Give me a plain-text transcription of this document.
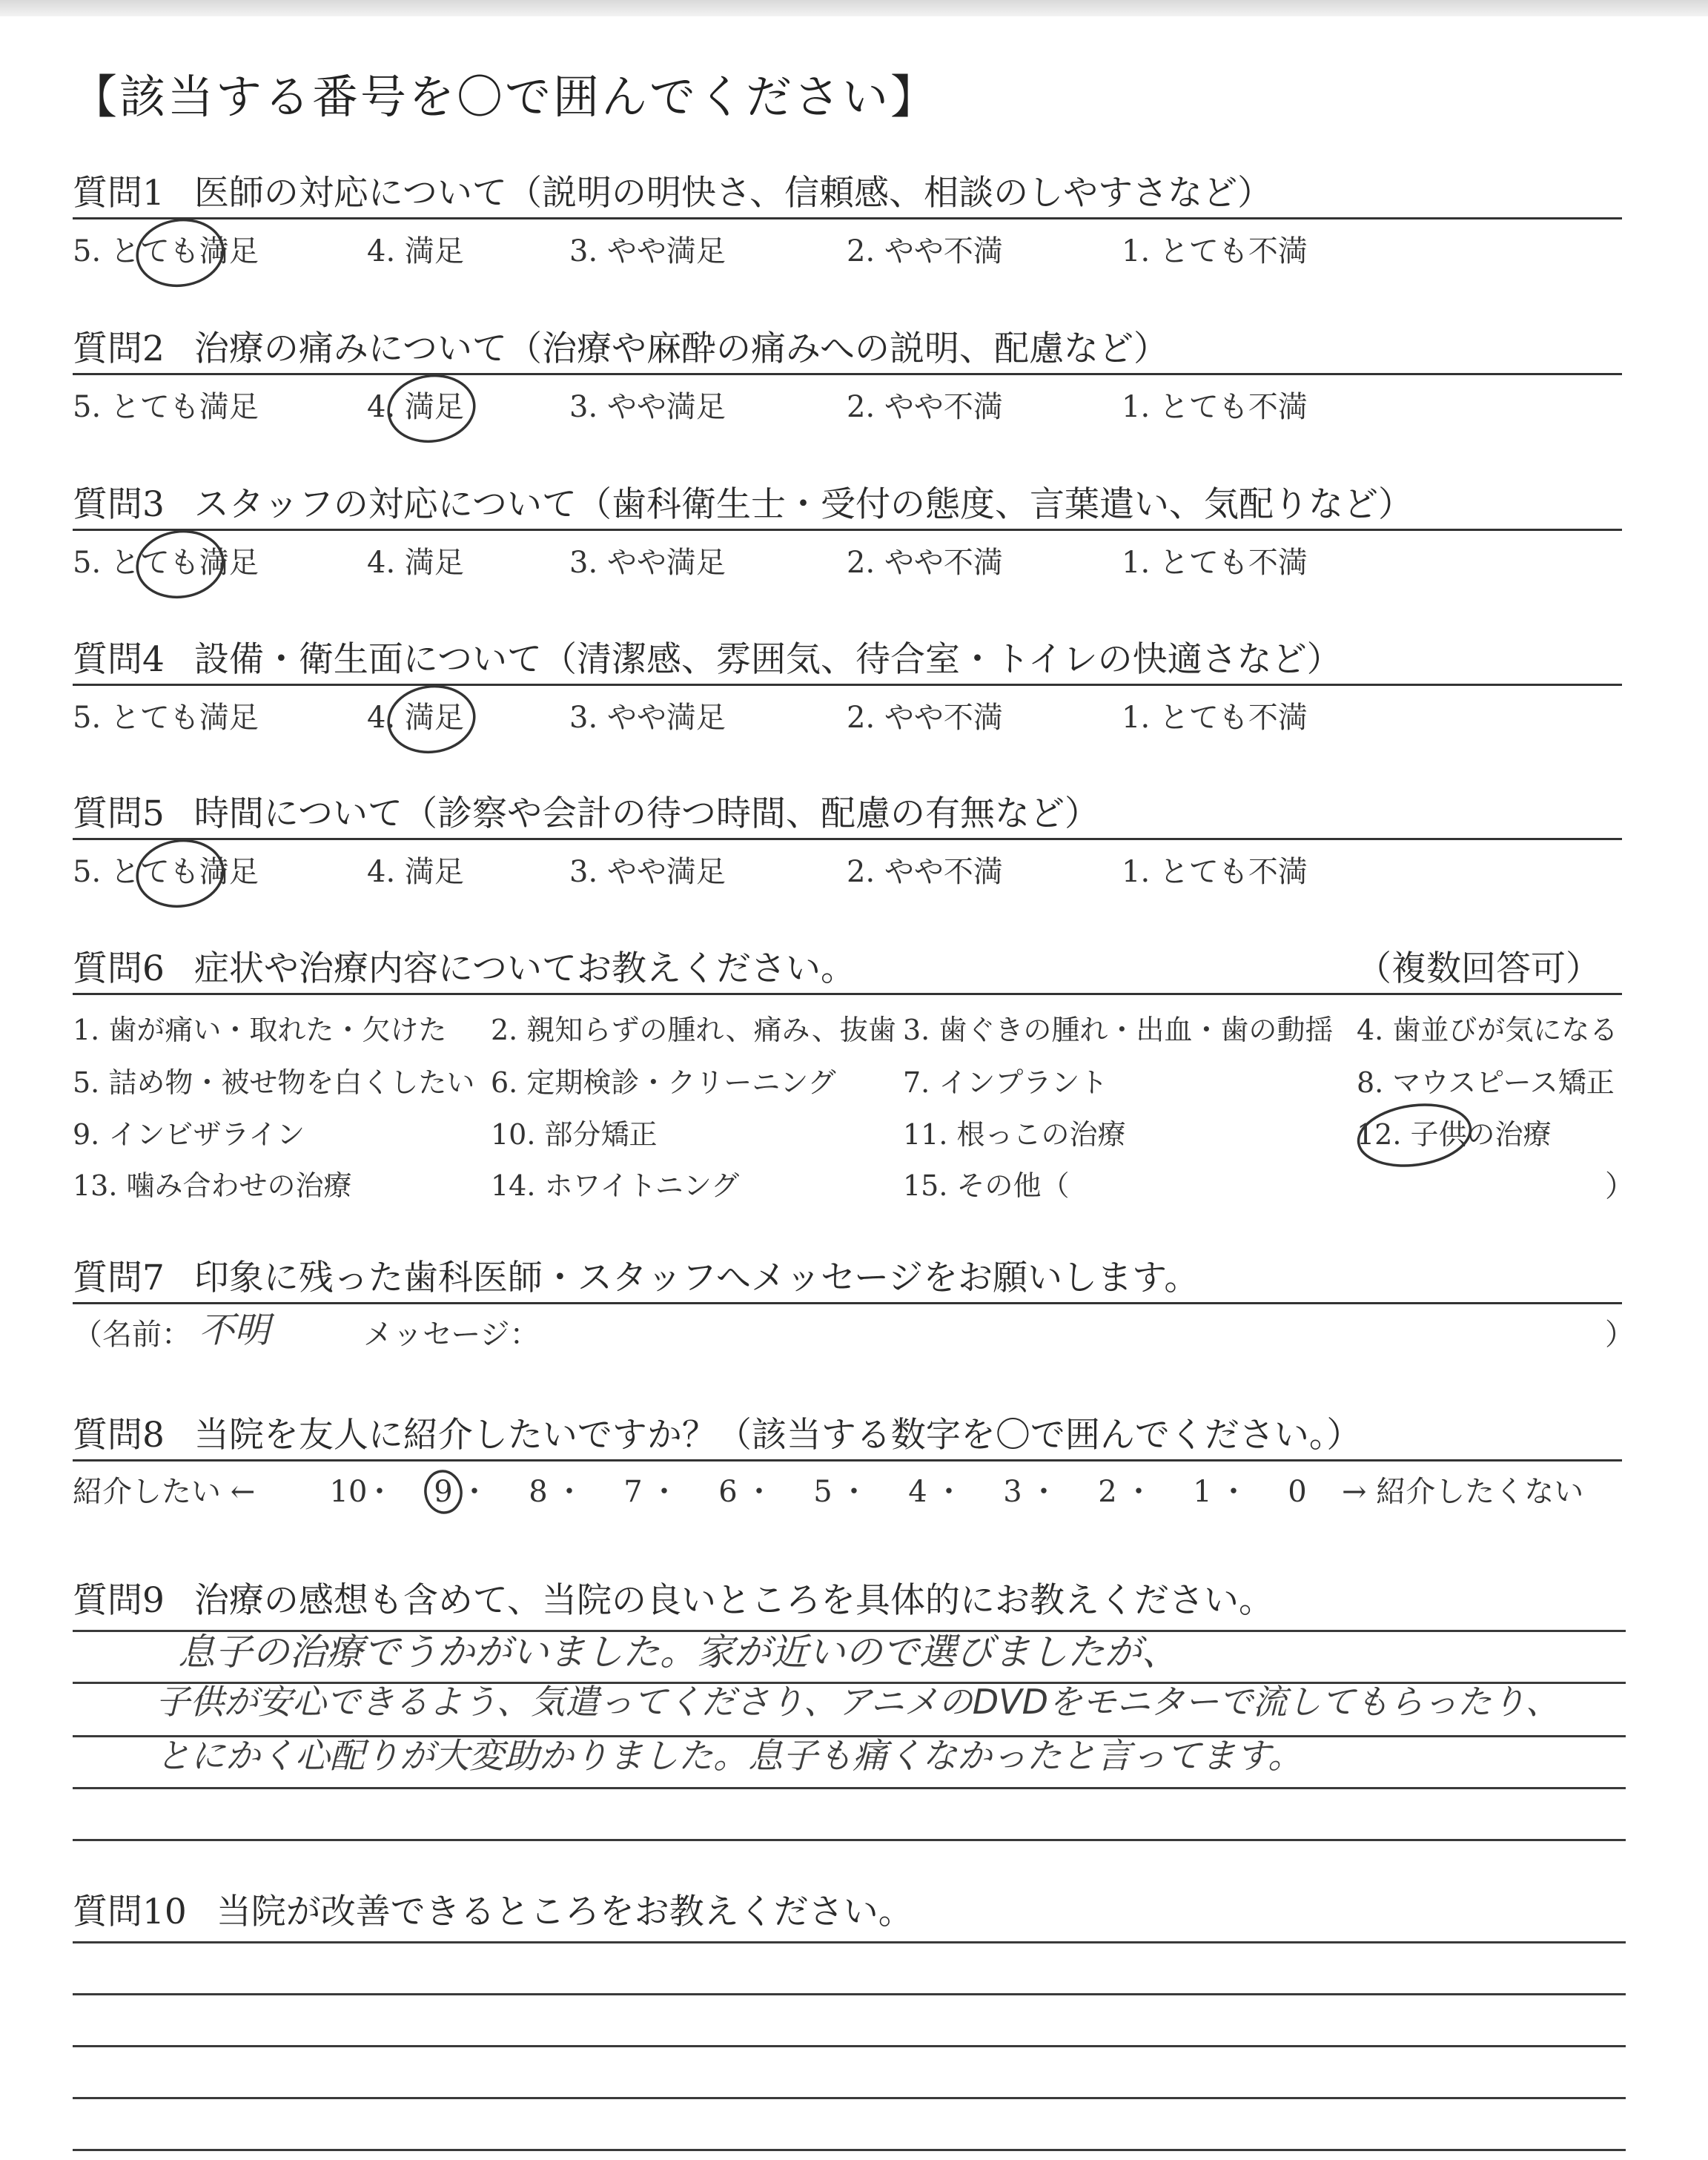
【該当する番号を〇で囲んでください】
質問1 医師の対応について（説明の明快さ、信頼感、相談のしやすさなど）
5. とても満足	4. 満足	3. やや満足	2. やや不満	1. とても不満
質問2 治療の痛みについて（治療や麻酔の痛みへの説明、配慮など）
5. とても満足	4. 満足	3. やや満足	2. やや不満	1. とても不満
質問3 スタッフの対応について（歯科衛生士・受付の態度、言葉遣い、気配りなど）
5. とても満足	4. 満足	3. やや満足	2. やや不満	1. とても不満
質問4 設備・衛生面について（清潔感、雰囲気、待合室・トイレの快適さなど）
5. とても満足	4. 満足	3. やや満足	2. やや不満	1. とても不満
質問5 時間について（診察や会計の待つ時間、配慮の有無など）
5. とても満足	4. 満足	3. やや満足	2. やや不満	1. とても不満
質問6 症状や治療内容についてお教えください。	（複数回答可）
1. 歯が痛い・取れた・欠けた 2. 親知らずの腫れ、痛み、抜歯 3. 歯ぐきの腫れ・出血・歯の動揺 4. 歯並びが気になる
5. 詰め物・被せ物を白くしたい 6. 定期検診・クリーニング 7. インプラント	8. マウスピース矯正
9. インビザライン	10. 部分矯正	11. 根っこの治療	12. 子供の治療
13. 噛み合わせの治療	14. ホワイトニング	15. その他（	）
質問7 印象に残った歯科医師・スタッフへメッセージをお願いします。
（名前： 不明	メッセージ：	）
質問8 当院を友人に紹介したいですか？（該当する数字を〇で囲んでください。）
紹介したい ←	→ 紹介したくない
10
・	9 ・	8 ・	7 ・	6 ・	5 ・	4 ・	3 ・	2 ・	1 ・	0
質問9 治療の感想も含めて、当院の良いところを具体的にお教えください。
息子の治療でうかがいました。家が近いので選びましたが、
子供が安心できるよう、気遣ってくださり、アニメのDVDをモニターで流してもらったり、
とにかく心配りが大変助かりました。息子も痛くなかったと言ってます。
質問10 当院が改善できるところをお教えください。
